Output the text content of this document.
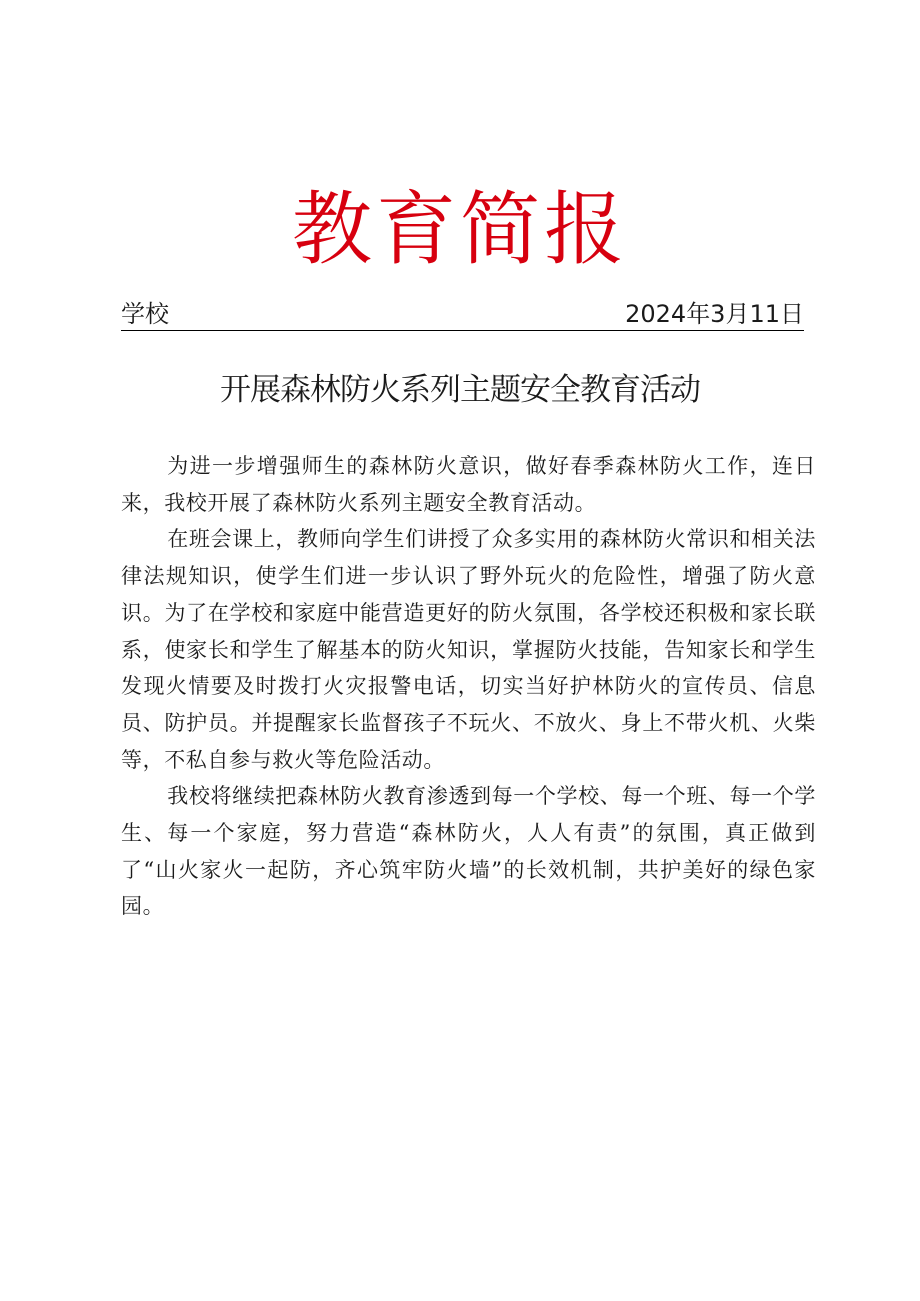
教育简报
学校	2024年3月11日
开展森林防火系列主题安全教育活动

为进一步增强师生的森林防火意识，做好春季森林防火工作，连日来，我校开展了森林防火系列主题安全教育活动。

在班会课上，教师向学生们讲授了众多实用的森林防火常识和相关法律法规知识，使学生们进一步认识了野外玩火的危险性，增强了防火意识。为了在学校和家庭中能营造更好的防火氛围，各学校还积极和家长联系，使家长和学生了解基本的防火知识，掌握防火技能，告知家长和学生发现火情要及时拨打火灾报警电话，切实当好护林防火的宣传员、信息员、防护员。并提醒家长监督孩子不玩火、不放火、身上不带火机、火柴等，不私自参与救火等危险活动。

我校将继续把森林防火教育渗透到每一个学校、每一个班、每一个学生、每一个家庭，努力营造“森林防火，人人有责”的氛围，真正做到了“山火家火一起防，齐心筑牢防火墙”的长效机制，共护美好的绿色家园。
